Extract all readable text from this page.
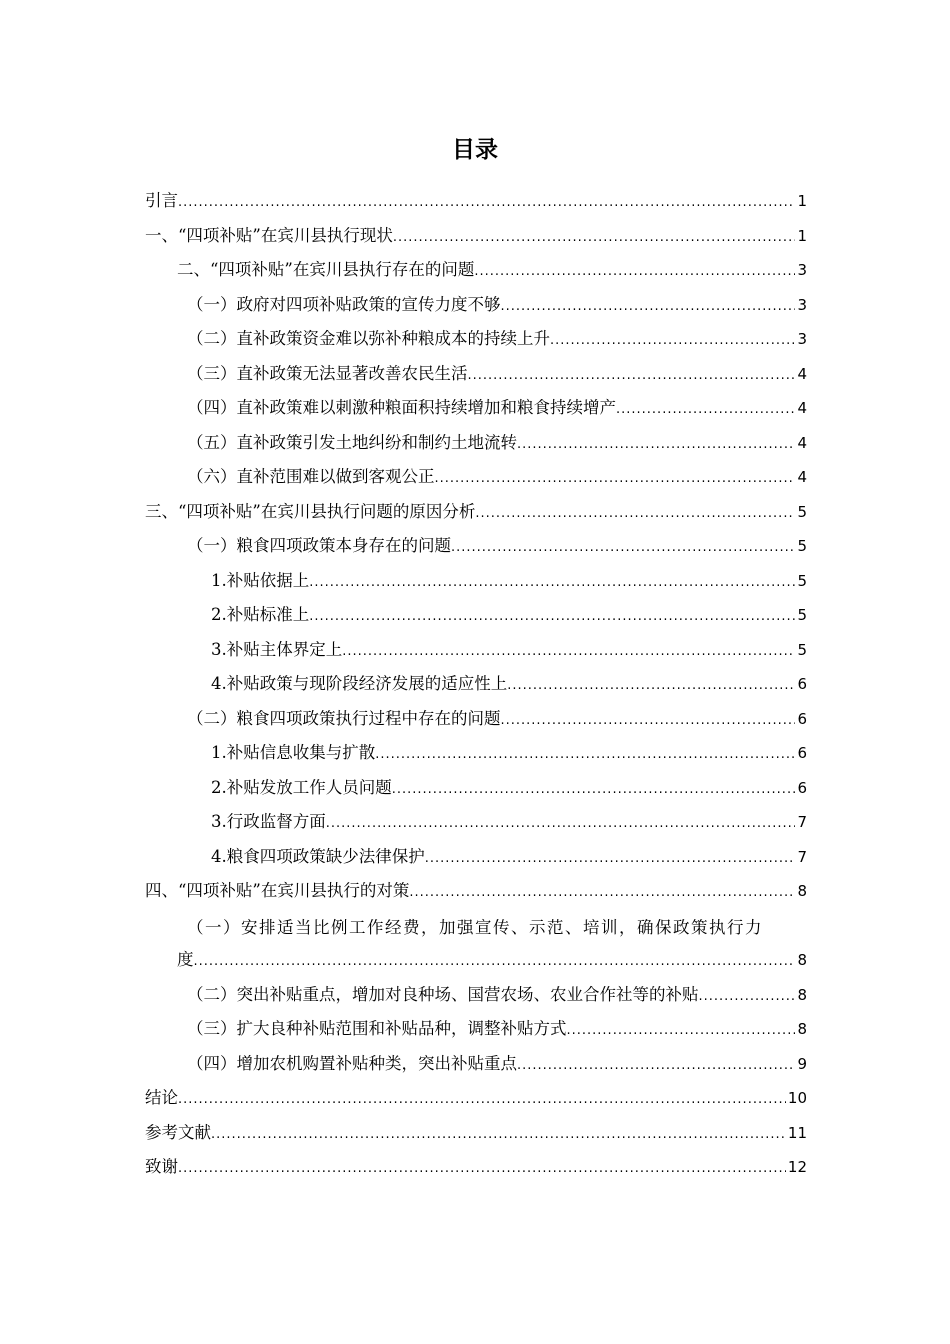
目录
引言 .....	1
一、“四项补贴”在宾川县执行现状 .....	1
二、“四项补贴”在宾川县执行存在的问题 .....	3
（一）政府对四项补贴政策的宣传力度不够 .....	3
（二）直补政策资金难以弥补种粮成本的持续上升 .....	3
（三）直补政策无法显著改善农民生活 .....	4
（四）直补政策难以刺激种粮面积持续增加和粮食持续增产 .....	4
（五）直补政策引发土地纠纷和制约土地流转 .....	4
（六）直补范围难以做到客观公正 .....	4
三、“四项补贴”在宾川县执行问题的原因分析 .....	5
（一）粮食四项政策本身存在的问题 .....	5
1.补贴依据上 .....	5
2.补贴标准上 .....	5
3.补贴主体界定上 .....	5
4.补贴政策与现阶段经济发展的适应性上 .....	6
（二）粮食四项政策执行过程中存在的问题 .....	6
1.补贴信息收集与扩散 .....	6
2.补贴发放工作人员问题 .....	6
3.行政监督方面 .....	7
4.粮食四项政策缺少法律保护 .....	7
四、“四项补贴”在宾川县执行的对策 .....	8
（一）安排适当比例工作经费，加强宣传、示范、培训，确保政策执行力
度 .....	8
（二）突出补贴重点，增加对良种场、国营农场、农业合作社等的补贴 .....	8
（三）扩大良种补贴范围和补贴品种，调整补贴方式 .....	8
（四）增加农机购置补贴种类，突出补贴重点 .....	9
结论 .....	10
参考文献 .....	11
致谢 .....	12
